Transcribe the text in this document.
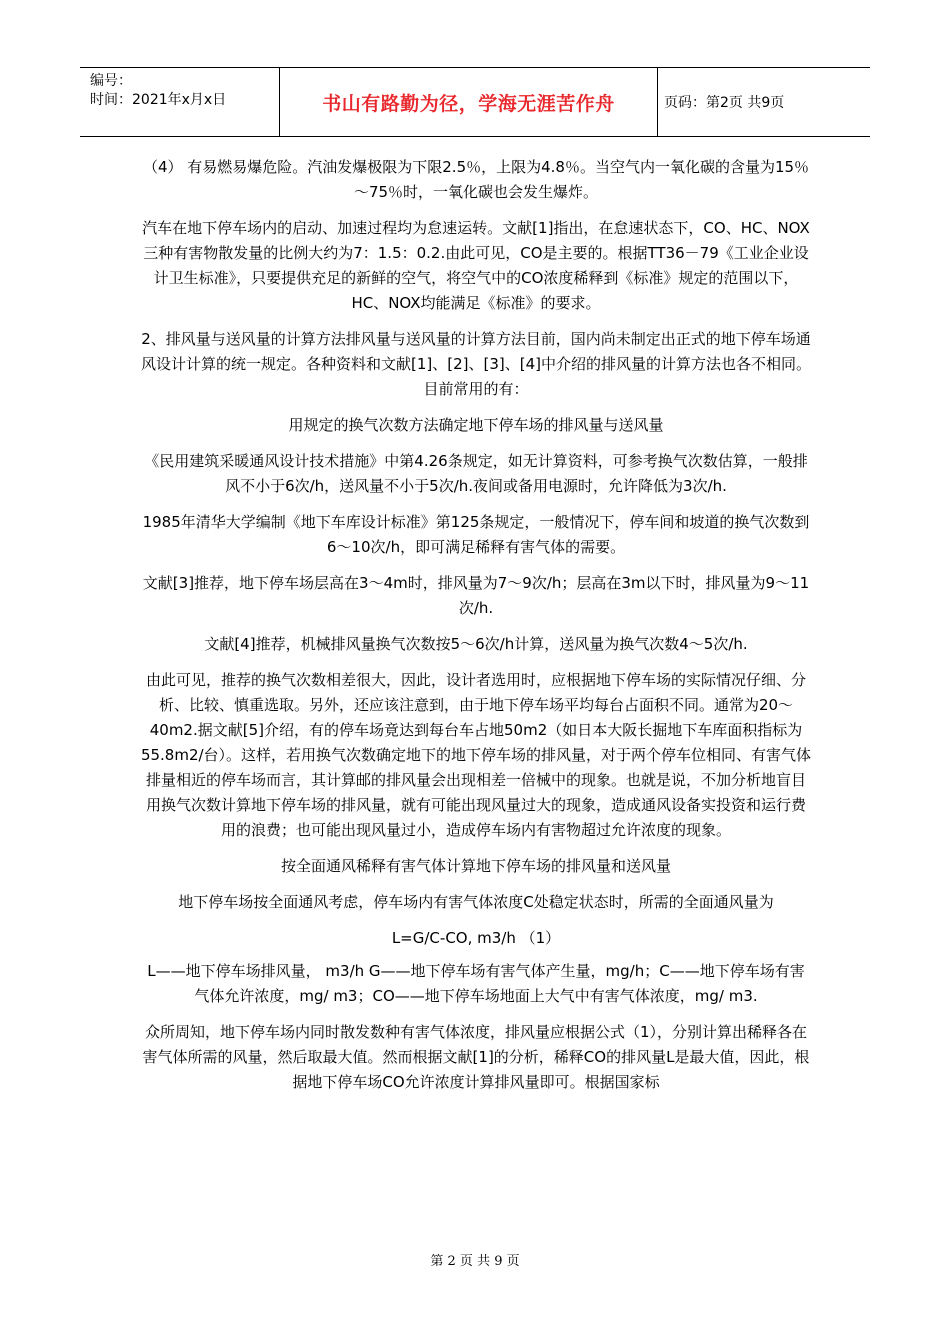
编号：
时间：2021年x月x日	书山有路勤为径，学海无涯苦作舟	页码：第2页 共9页

（4） 有易燃易爆危险。汽油发爆极限为下限2.5％，上限为4.8％。当空气内一氧化碳的含量为15％～75％时，一氧化碳也会发生爆炸。

汽车在地下停车场内的启动、加速过程均为怠速运转。文献[1]指出，在怠速状态下，CO、HC、NOX三种有害物散发量的比例大约为7：1.5：0.2.由此可见，CO是主要的。根据TT36－79《工业企业设计卫生标准》，只要提供充足的新鲜的空气，将空气中的CO浓度稀释到《标准》规定的范围以下，HC、NOX均能满足《标准》的要求。

2、排风量与送风量的计算方法排风量与送风量的计算方法目前，国内尚未制定出正式的地下停车场通风设计计算的统一规定。各种资料和文献[1]、[2]、[3]、[4]中介绍的排风量的计算方法也各不相同。目前常用的有：

用规定的换气次数方法确定地下停车场的排风量与送风量

《民用建筑采暖通风设计技术措施》中第4.26条规定，如无计算资料，可参考换气次数估算，一般排风不小于6次/h，送风量不小于5次/h.夜间或备用电源时，允许降低为3次/h.

1985年清华大学编制《地下车库设计标准》第125条规定，一般情况下，停车间和坡道的换气次数到6～10次/h，即可满足稀释有害气体的需要。

文献[3]推荐，地下停车场层高在3～4m时，排风量为7～9次/h；层高在3m以下时，排风量为9～11次/h.

文献[4]推荐，机械排风量换气次数按5～6次/h计算，送风量为换气次数4～5次/h.

由此可见，推荐的换气次数相差很大，因此，设计者选用时，应根据地下停车场的实际情况仔细、分析、比较、慎重选取。另外，还应该注意到，由于地下停车场平均每台占面积不同。通常为20～40m2.据文献[5]介绍，有的停车场竟达到每台车占地50m2（如日本大阪长掘地下车库面积指标为55.8m2/台）。这样，若用换气次数确定地下的地下停车场的排风量，对于两个停车位相同、有害气体排量相近的停车场而言，其计算邮的排风量会出现相差一倍械中的现象。也就是说，不加分析地盲目用换气次数计算地下停车场的排风量，就有可能出现风量过大的现象，造成通风设备实投资和运行费用的浪费；也可能出现风量过小，造成停车场内有害物超过允许浓度的现象。

按全面通风稀释有害气体计算地下停车场的排风量和送风量

地下停车场按全面通风考虑，停车场内有害气体浓度C处稳定状态时，所需的全面通风量为

L=G/C-CO, m3/h （1）

L——地下停车场排风量， m3/h G——地下停车场有害气体产生量，mg/h；C——地下停车场有害气体允许浓度，mg/ m3；CO——地下停车场地面上大气中有害气体浓度，mg/ m3.

众所周知，地下停车场内同时散发数种有害气体浓度，排风量应根据公式（1），分别计算出稀释各在害气体所需的风量，然后取最大值。然而根据文献[1]的分析，稀释CO的排风量L是最大值，因此，根据地下停车场CO允许浓度计算排风量即可。根据国家标

第 2 页 共 9 页
